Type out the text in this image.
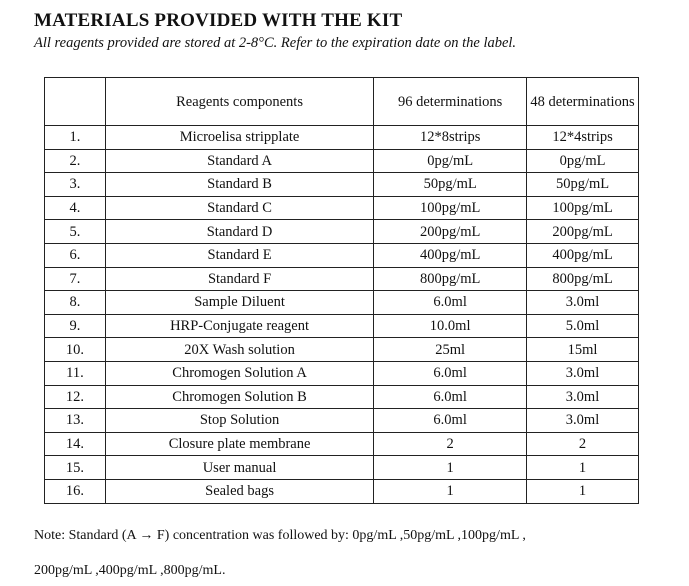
MATERIALS PROVIDED WITH THE KIT
All reagents provided are stored at 2-8°C. Refer to the expiration date on the label.
	Reagents components	96 determinations	48 determinations
1.	Microelisa stripplate	12*8strips	12*4strips
2.	Standard A	0pg/mL	0pg/mL
3.	Standard B	50pg/mL	50pg/mL
4.	Standard C	100pg/mL	100pg/mL
5.	Standard D	200pg/mL	200pg/mL
6.	Standard E	400pg/mL	400pg/mL
7.	Standard F	800pg/mL	800pg/mL
8.	Sample Diluent	6.0ml	3.0ml
9.	HRP-Conjugate reagent	10.0ml	5.0ml
10.	20X Wash solution	25ml	15ml
11.	Chromogen Solution A	6.0ml	3.0ml
12.	Chromogen Solution B	6.0ml	3.0ml
13.	Stop Solution	6.0ml	3.0ml
14.	Closure plate membrane	2	2
15.	User manual	1	1
16.	Sealed bags	1	1
Note: Standard (A → F) concentration was followed by: 0pg/mL ,50pg/mL ,100pg/mL ,
200pg/mL ,400pg/mL ,800pg/mL.
